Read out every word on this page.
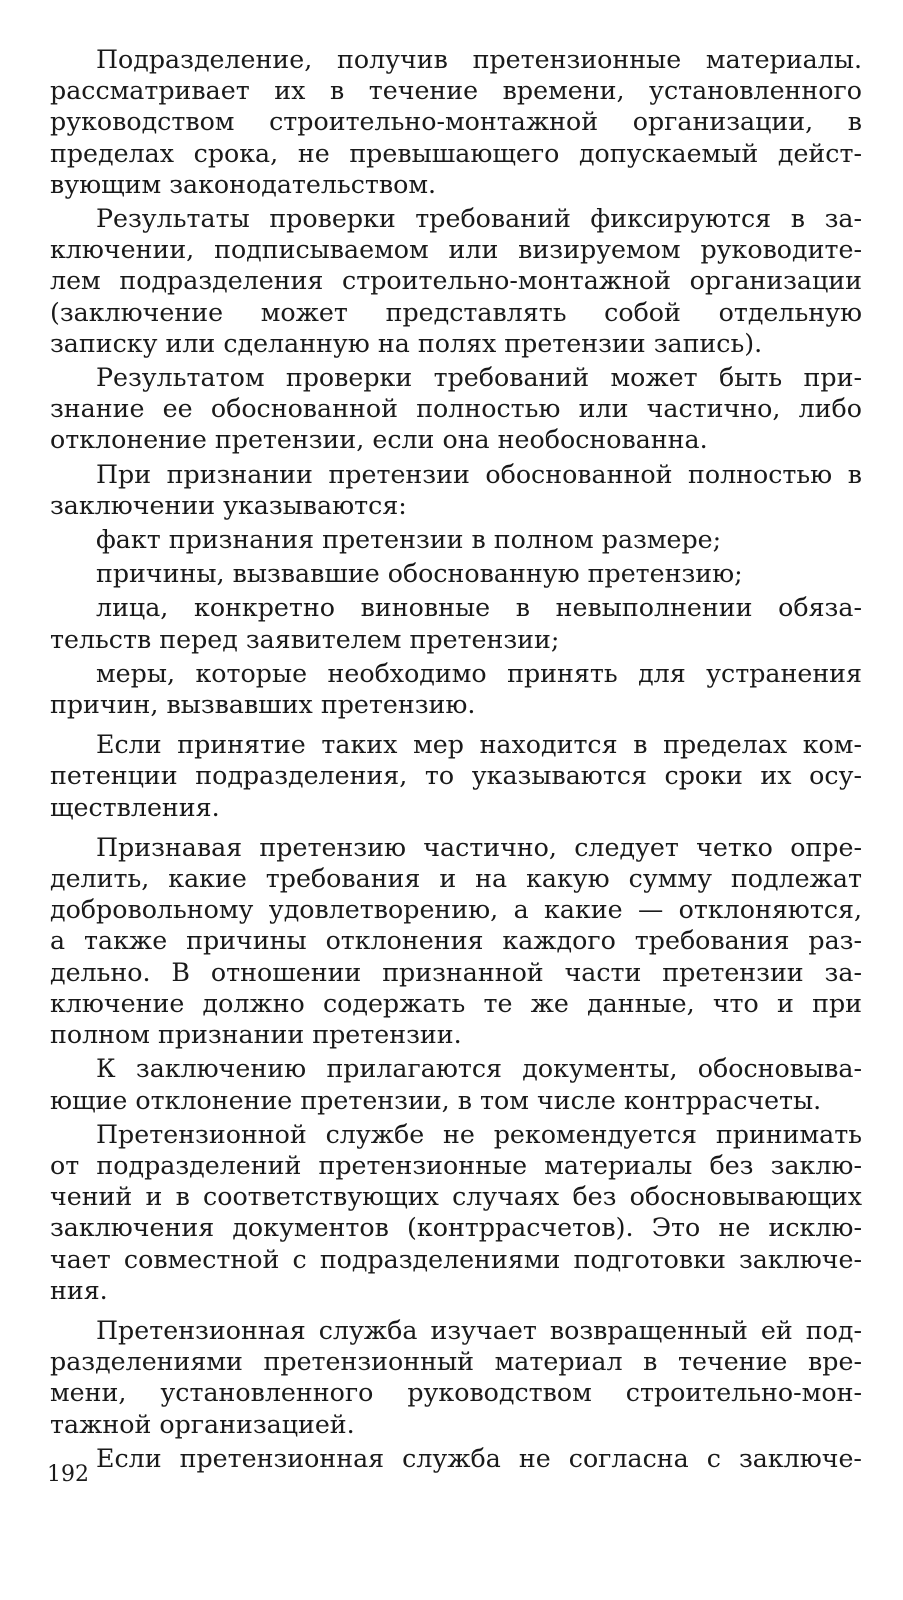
Подразделение, получив претензионные материалы.
рассматривает их в течение времени, установленного
руководством строительно-монтажной организации, в
пределах срока, не превышающего допускаемый дейст-
вующим законодательством.
Результаты проверки требований фиксируются в за-
ключении, подписываемом или визируемом руководите-
лем подразделения строительно-монтажной организации
(заключение может представлять собой отдельную
записку или сделанную на полях претензии запись).
Результатом проверки требований может быть при-
знание ее обоснованной полностью или частично, либо
отклонение претензии, если она необоснованна.
При признании претензии обоснованной полностью в
заключении указываются:
факт признания претензии в полном размере;
причины, вызвавшие обоснованную претензию;
лица, конкретно виновные в невыполнении обяза-
тельств перед заявителем претензии;
меры, которые необходимо принять для устранения
причин, вызвавших претензию.
Если принятие таких мер находится в пределах ком-
петенции подразделения, то указываются сроки их осу-
ществления.
Признавая претензию частично, следует четко опре-
делить, какие требования и на какую сумму подлежат
добровольному удовлетворению, а какие — отклоняются,
а также причины отклонения каждого требования раз-
дельно. В отношении признанной части претензии за-
ключение должно содержать те же данные, что и при
полном признании претензии.
К заключению прилагаются документы, обосновыва-
ющие отклонение претензии, в том числе контррасчеты.
Претензионной службе не рекомендуется принимать
от подразделений претензионные материалы без заклю-
чений и в соответствующих случаях без обосновывающих
заключения документов (контррасчетов). Это не исклю-
чает совместной с подразделениями подготовки заключе-
ния.
Претензионная служба изучает возвращенный ей под-
разделениями претензионный материал в течение вре-
мени, установленного руководством строительно-мон-
тажной организацией.
Если претензионная служба не согласна с заключе-
192
